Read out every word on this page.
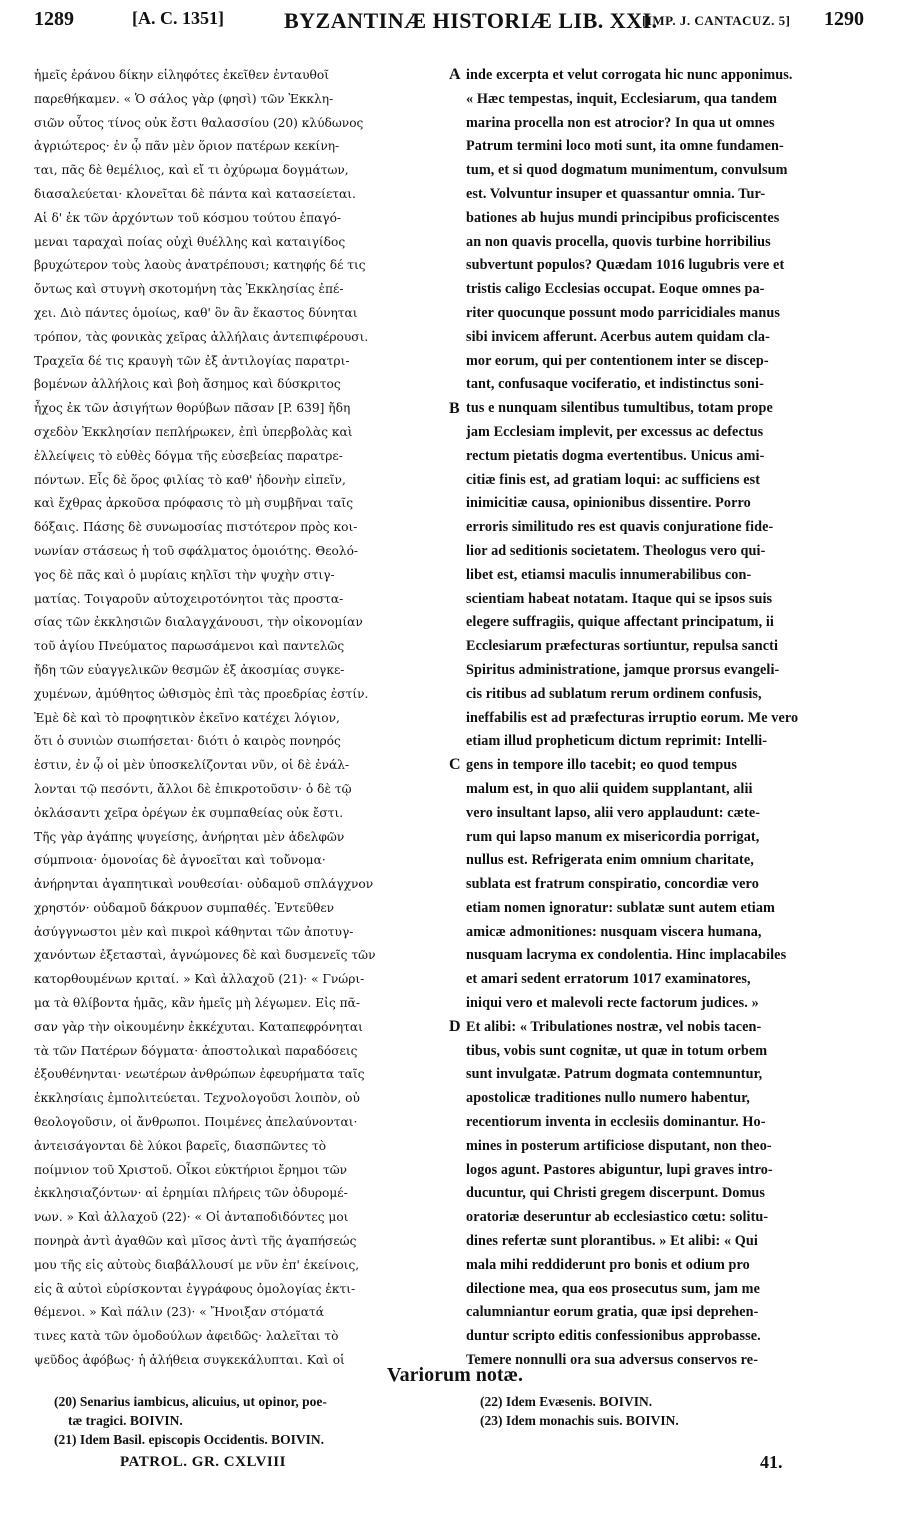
1289	[A. C. 1351]	BYZANTINÆ HISTORIÆ LIB. XXI.
[IMP. J. CANTACUZ. 5] 1290
ἡμεῖς ἐράνου δίκην εἰληφότες ἐκεῖθεν ἐνταυθοῖ
παρεθήκαμεν. « Ὁ σάλος γὰρ (φησὶ) τῶν Ἐκκλη-
σιῶν οὗτος τίνος οὐκ ἔστι θαλασσίου (20) κλύδωνος
ἀγριώτερος· ἐν ᾧ πᾶν μὲν ὅριον πατέρων κεκίνη-
ται, πᾶς δὲ θεμέλιος, καὶ εἴ τι ὀχύρωμα δογμάτων,
διασαλεύεται· κλονεῖται δὲ πάντα καὶ κατασείεται.
Αἱ δ' ἐκ τῶν ἀρχόντων τοῦ κόσμου τούτου ἐπαγό-
μεναι ταραχαὶ ποίας οὐχὶ θυέλλης καὶ καταιγίδος
βρυχώτερον τοὺς λαοὺς ἀνατρέπουσι; κατηφής δέ τις
ὄντως καὶ στυγνὴ σκοτομήνη τὰς Ἐκκλησίας ἐπέ-
χει. Διὸ πάντες ὁμοίως, καθ' ὃν ἂν ἕκαστος δύνηται
τρόπον, τὰς φονικὰς χεῖρας ἀλλήλαις ἀντεπιφέρουσι.
Τραχεῖα δέ τις κραυγὴ τῶν ἐξ ἀντιλογίας παρατρι-
βομένων ἀλλήλοις καὶ βοὴ ἄσημος καὶ δύσκριτος
ἦχος ἐκ τῶν ἀσιγήτων θορύβων πᾶσαν [P. 639] ἤδη
σχεδὸν Ἐκκλησίαν πεπλήρωκεν, ἐπὶ ὑπερβολὰς καὶ
ἐλλείψεις τὸ εὐθὲς δόγμα τῆς εὐσεβείας παρατρε-
πόντων. Εἷς δὲ ὅρος φιλίας τὸ καθ' ἡδονὴν εἰπεῖν,
καὶ ἔχθρας ἀρκοῦσα πρόφασις τὸ μὴ συμβῆναι ταῖς
δόξαις. Πάσης δὲ συνωμοσίας πιστότερον πρὸς κοι-
νωνίαν στάσεως ἡ τοῦ σφάλματος ὁμοιότης. Θεολό-
γος δὲ πᾶς καὶ ὁ μυρίαις κηλῖσι τὴν ψυχὴν στιγ-
ματίας. Τοιγαροῦν αὐτοχειροτόνητοι τὰς προστα-
σίας τῶν ἐκκλησιῶν διαλαγχάνουσι, τὴν οἰκονομίαν
τοῦ ἁγίου Πνεύματος παρωσάμενοι καὶ παντελῶς
ἤδη τῶν εὐαγγελικῶν θεσμῶν ἐξ ἀκοσμίας συγκε-
χυμένων, ἀμύθητος ὠθισμὸς ἐπὶ τὰς προεδρίας ἐστίν.
Ἐμὲ δὲ καὶ τὸ προφητικὸν ἐκεῖνο κατέχει λόγιον,
ὅτι ὁ συνιὼν σιωπήσεται· διότι ὁ καιρὸς πονηρός
ἐστιν, ἐν ᾧ οἱ μὲν ὑποσκελίζονται νῦν, οἱ δὲ ἐνάλ-
λονται τῷ πεσόντι, ἄλλοι δὲ ἐπικροτοῦσιν· ὁ δὲ τῷ
ὀκλάσαντι χεῖρα ὀρέγων ἐκ συμπαθείας οὐκ ἔστι.
Τῆς γὰρ ἀγάπης ψυγείσης, ἀνήρηται μὲν ἀδελφῶν
σύμπνοια· ὁμονοίας δὲ ἀγνοεῖται καὶ τοὔνομα·
ἀνήρηνται ἀγαπητικαὶ νουθεσίαι· οὐδαμοῦ σπλάγχνον
χρηστόν· οὐδαμοῦ δάκρυον συμπαθές. Ἐντεῦθεν
ἀσύγγνωστοι μὲν καὶ πικροὶ κάθηνται τῶν ἀποτυγ-
χανόντων ἐξετασταὶ, ἀγνώμονες δὲ καὶ δυσμενεῖς τῶν
κατορθουμένων κριταί. » Καὶ ἀλλαχοῦ (21)· « Γνώρι-
μα τὰ θλίβοντα ἡμᾶς, κἂν ἡμεῖς μὴ λέγωμεν. Εἰς πᾶ-
σαν γὰρ τὴν οἰκουμένην ἐκκέχυται. Καταπεφρόνηται
τὰ τῶν Πατέρων δόγματα· ἀποστολικαὶ παραδόσεις
ἐξουθένηνται· νεωτέρων ἀνθρώπων ἐφευρήματα ταῖς
ἐκκλησίαις ἐμπολιτεύεται. Τεχνολογοῦσι λοιπὸν, οὐ
θεολογοῦσιν, οἱ ἄνθρωποι. Ποιμένες ἀπελαύνονται·
ἀντεισάγονται δὲ λύκοι βαρεῖς, διασπῶντες τὸ
ποίμνιον τοῦ Χριστοῦ. Οἶκοι εὐκτήριοι ἔρημοι τῶν
ἐκκλησιαζόντων· αἱ ἐρημίαι πλήρεις τῶν ὀδυρομέ-
νων. » Καὶ ἀλλαχοῦ (22)· « Οἱ ἀνταποδιδόντες μοι
πονηρὰ ἀντὶ ἀγαθῶν καὶ μῖσος ἀντὶ τῆς ἀγαπήσεώς
μου τῆς εἰς αὐτοὺς διαβάλλουσί με νῦν ἐπ' ἐκείνοις,
εἰς ἃ αὐτοὶ εὑρίσκονται ἐγγράφους ὁμολογίας ἐκτι-
θέμενοι. » Καὶ πάλιν (23)· « Ἤνοιξαν στόματά
τινες κατὰ τῶν ὁμοδούλων ἀφειδῶς· λαλεῖται τὸ
ψεῦδος ἀφόβως· ἡ ἀλήθεια συγκεκάλυπται. Καὶ οἱ
inde excerpta et velut corrogata hic nunc apponimus.
« Hæc tempestas, inquit, Ecclesiarum, qua tandem
marina procella non est atrocior? In qua ut omnes
Patrum termini loco moti sunt, ita omne fundamen-
tum, et si quod dogmatum munimentum, convulsum
est. Volvuntur insuper et quassantur omnia. Tur-
bationes ab hujus mundi principibus proficiscentes
an non quavis procella, quovis turbine horribilius
subvertunt populos? Quædam 1016 lugubris vere et
tristis caligo Ecclesias occupat. Eoque omnes pa-
riter quocunque possunt modo parricidiales manus
sibi invicem afferunt. Acerbus autem quidam cla-
mor eorum, qui per contentionem inter se discep-
tant, confusaque vociferatio, et indistinctus soni-
tus e nunquam silentibus tumultibus, totam prope
jam Ecclesiam implevit, per excessus ac defectus
rectum pietatis dogma evertentibus. Unicus ami-
citiæ finis est, ad gratiam loqui: ac sufficiens est
inimicitiæ causa, opinionibus dissentire. Porro
erroris similitudo res est quavis conjuratione fide-
lior ad seditionis societatem. Theologus vero qui-
libet est, etiamsi maculis innumerabilibus con-
scientiam habeat notatam. Itaque qui se ipsos suis
elegere suffragiis, quique affectant principatum, ii
Ecclesiarum præfecturas sortiuntur, repulsa sancti
Spiritus administratione, jamque prorsus evangeli-
cis ritibus ad sublatum rerum ordinem confusis,
ineffabilis est ad præfecturas irruptio eorum. Me vero
etiam illud propheticum dictum reprimit: Intelli-
gens in tempore illo tacebit; eo quod tempus
malum est, in quo alii quidem supplantant, alii
vero insultant lapso, alii vero applaudunt: cæte-
rum qui lapso manum ex misericordia porrigat,
nullus est. Refrigerata enim omnium charitate,
sublata est fratrum conspiratio, concordiæ vero
etiam nomen ignoratur: sublatæ sunt autem etiam
amicæ admonitiones: nusquam viscera humana,
nusquam lacryma ex condolentia. Hinc implacabiles
et amari sedent erratorum 1017 examinatores,
iniqui vero et malevoli recte factorum judices. »
Et alibi: « Tribulationes nostræ, vel nobis tacen-
tibus, vobis sunt cognitæ, ut quæ in totum orbem
sunt invulgatæ. Patrum dogmata contemnuntur,
apostolicæ traditiones nullo numero habentur,
recentiorum inventa in ecclesiis dominantur. Ho-
mines in posterum artificiose disputant, non theo-
logos agunt. Pastores abiguntur, lupi graves intro-
ducuntur, qui Christi gregem discerpunt. Domus
oratoriæ deseruntur ab ecclesiastico cœtu: solitu-
dines refertæ sunt plorantibus. » Et alibi: « Qui
mala mihi reddiderunt pro bonis et odium pro
dilectione mea, qua eos prosecutus sum, jam me
calumniantur eorum gratia, quæ ipsi deprehen-
duntur scripto editis confessionibus approbasse.
Temere nonnulli ora sua adversus conservos re-
A
B
C
D
Variorum notæ.
(20) Senarius iambicus, alicuius, ut opinor, poe-
tæ tragici. BOIVIN.
(21) Idem Basil. episcopis Occidentis. BOIVIN.
(22) Idem Evæsenis. BOIVIN.
(23) Idem monachis suis. BOIVIN.
PATROL. GR. CXLVIII	41.
